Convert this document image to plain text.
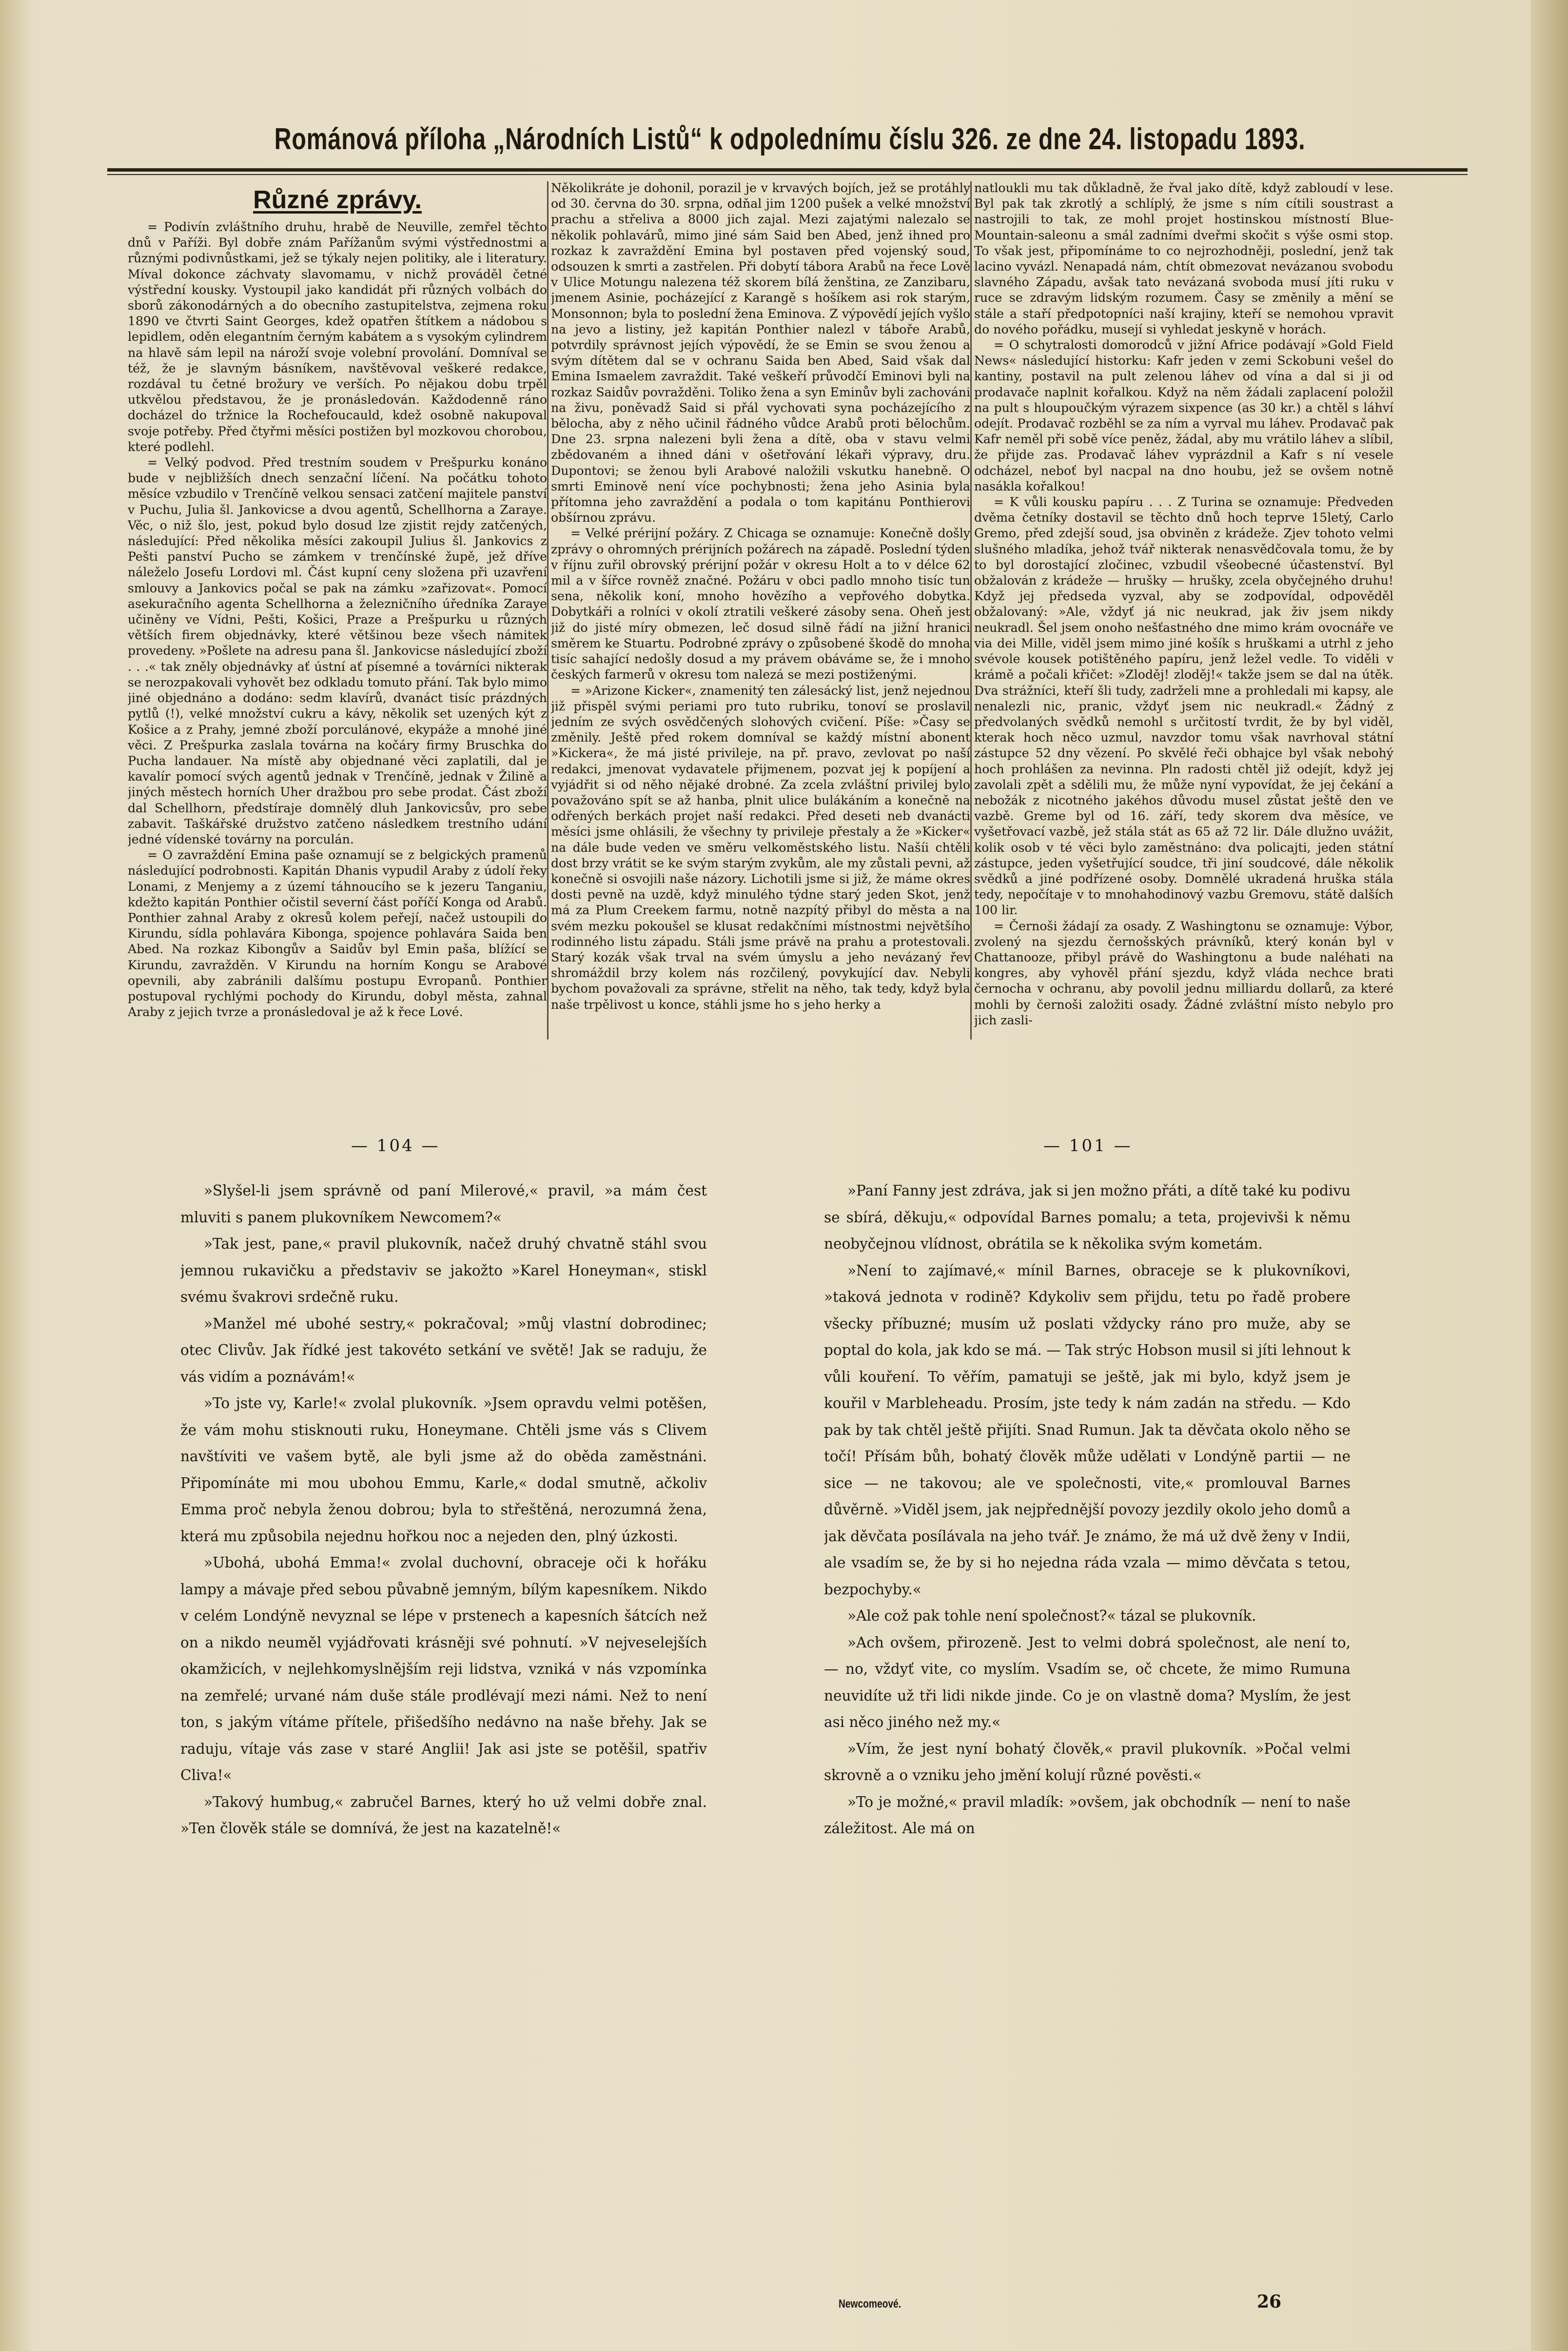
Románová příloha „Národních Listů“ k odpolednímu číslu 326. ze dne 24. listopadu 1893.
Různé zprávy.

= Podivín zvláštního druhu, hrabě de Neuville, zemřel těchto dnů v Paříži. Byl dobře znám Pařížanům svými výstřednostmi a různými podivnůstkami, jež se týkaly nejen politiky, ale i literatury. Míval dokonce záchvaty slavomamu, v nichž prováděl četné výstřední kousky. Vystoupil jako kandidát při různých volbách do sborů zákonodárných a do obecního zastupitelstva, zejmena roku 1890 ve čtvrti Saint Georges, kdež opatřen štítkem a nádobou s lepidlem, oděn elegantním černým kabátem a s vysokým cylindrem na hlavě sám lepil na nároží svoje volební provolání. Domníval se též, že je slavným básníkem, navštěvoval veškeré redakce, rozdával tu četné brožury ve verších. Po nějakou dobu trpěl utkvělou představou, že je pronásledován. Každodenně ráno docházel do tržnice la Rochefoucauld, kdež osobně nakupoval svoje potřeby. Před čtyřmi měsíci postižen byl mozkovou chorobou, které podlehl.

= Velký podvod. Před trestním soudem v Prešpurku konáno bude v nejbližších dnech senzační líčení. Na počátku tohoto měsíce vzbudilo v Trenčíně velkou sensaci zatčení majitele panství v Puchu, Julia šl. Jankovicse a dvou agentů, Schellhorna a Zaraye. Věc, o niž šlo, jest, pokud bylo dosud lze zjistit rejdy zatčených, následující: Před několika měsíci zakoupil Julius šl. Jankovics z Pešti panství Pucho se zámkem v trenčínské župě, jež dříve náleželo Josefu Lordovi ml. Část kupní ceny složena při uzavření smlouvy a Jankovics počal se pak na zámku »zařizovat«. Pomocí asekuračního agenta Schellhorna a železničního úředníka Zaraye učiněny ve Vídni, Pešti, Košici, Praze a Prešpurku u různých větších firem objednávky, které většinou beze všech námitek provedeny. »Pošlete na adresu pana šl. Jankovicse následující zboží . . .« tak zněly objednávky ať ústní ať písemné a továrníci nikterak se nerozpakovali vyhovět bez odkladu tomuto přání. Tak bylo mimo jiné objednáno a dodáno: sedm klavírů, dvanáct tisíc prázdných pytlů (!), velké množství cukru a kávy, několik set uzených kýt z Košice a z Prahy, jemné zboží porculánové, ekypáže a mnohé jiné věci. Z Prešpurka zaslala továrna na kočáry firmy Bruschka do Pucha landauer. Na místě aby objednané věci zaplatili, dal je kavalír pomocí svých agentů jednak v Trenčíně, jednak v Žilině a jiných městech horních Uher dražbou pro sebe prodat. Část zboží dal Schellhorn, předstíraje domnělý dluh Jankovicsův, pro sebe zabavit. Taškářské družstvo zatčeno následkem trestního udání jedné vídenské továrny na porculán.

= O zavraždění Emina paše oznamují se z belgických pramenů následující podrobnosti. Kapitán Dhanis vypudil Araby z údolí řeky Lonami, z Menjemy a z území táhnoucího se k jezeru Tanganiu, kdežto kapitán Ponthier očistil severní část poříčí Konga od Arabů. Ponthier zahnal Araby z okresů kolem peřejí, načež ustoupili do Kirundu, sídla pohlavára Kibonga, spojence pohlavára Saida ben Abed. Na rozkaz Kibongův a Saidův byl Emin paša, blížící se Kirundu, zavražděn. V Kirundu na horním Kongu se Arabové opevnili, aby zabránili dalšímu postupu Evropanů. Ponthier postupoval rychlými pochody do Kirundu, dobyl města, zahnal Araby z jejich tvrze a pronásledoval je až k řece Lové.

Několikráte je dohonil, porazil je v krvavých bojích, jež se protáhly od 30. června do 30. srpna, odňal jim 1200 pušek a velké množství prachu a střeliva a 8000 jich zajal. Mezi zajatými nalezalo se několik pohlavárů, mimo jiné sám Said ben Abed, jenž ihned pro rozkaz k zavraždění Emina byl postaven před vojenský soud, odsouzen k smrti a zastřelen. Při dobytí tábora Arabů na řece Lově v Ulice Motungu nalezena též skorem bílá ženština, ze Zanzibaru, jmenem Asinie, pocházející z Karangě s hošíkem asi rok starým, Monsonnon; byla to poslední žena Eminova. Z výpovědí jejích vyšlo na jevo a listiny, jež kapitán Ponthier nalezl v táboře Arabů, potvrdily správnost jejích výpovědí, že se Emin se svou ženou a svým dítětem dal se v ochranu Saida ben Abed, Said však dal Emina Ismaelem zavraždit. Také veškeří průvodčí Eminovi byli na rozkaz Saidův povražděni. Toliko žena a syn Eminův byli zachováni na živu, poněvadž Said si přál vychovati syna pocházejícího z bělocha, aby z něho učinil řádného vůdce Arabů proti bělochům. Dne 23. srpna nalezeni byli žena a dítě, oba v stavu velmi zbědovaném a ihned dáni v ošetřování lékaři výpravy, dru. Dupontovi; se ženou byli Arabové naložili vskutku hanebně. O smrti Eminově není více pochybnosti; žena jeho Asinia byla přítomna jeho zavraždění a podala o tom kapitánu Ponthierovi obšírnou zprávu.

= Velké prérijní požáry. Z Chicaga se oznamuje: Konečně došly zprávy o ohromných prérijních požárech na západě. Poslední týden v říjnu zuřil obrovský prérijní požár v okresu Holt a to v délce 62 mil a v šířce rovněž značné. Požáru v obci padlo mnoho tisíc tun sena, několik koní, mnoho hovězího a vepřového dobytka. Dobytkáři a rolníci v okolí ztratili veškeré zásoby sena. Oheň jest již do jisté míry obmezen, leč dosud silně řádí na jižní hranici směrem ke Stuartu. Podrobné zprávy o způsobené škodě do mnoha tisíc sahající nedošly dosud a my právem obáváme se, že i mnoho českých farmerů v okresu tom nalezá se mezi postiženými.

= »Arizone Kicker«, znamenitý ten zálesácký list, jenž nejednou již přispěl svými periami pro tuto rubriku, tonoví se proslavil jedním ze svých osvědčených slohových cvičení. Píše: »Časy se změnily. Ještě před rokem domníval se každý místní abonent »Kickera«, že má jisté privileje, na př. pravo, zevlovat po naší redakci, jmenovat vydavatele přijmenem, pozvat jej k popíjení a vyjádřit si od něho nějaké drobné. Za zcela zvláštní privilej bylo považováno spít se až hanba, plnit ulice bulákáním a konečně na odřených berkách projet naší redakci. Před deseti neb dvanácti měsíci jsme ohlásili, že všechny ty privileje přestaly a že »Kicker« na dále bude veden ve směru velkoměstského listu. Našíi chtěli dost brzy vrátit se ke svým starým zvykům, ale my zůstali pevni, až konečně si osvojili naše názory. Lichotili jsme si již, že máme okres dosti pevně na uzdě, když minulého týdne starý jeden Skot, jenž má za Plum Creekem farmu, notně nazpítý přibyl do města a na svém mezku pokoušel se klusat redakčními místnostmi největšího rodinného listu západu. Stáli jsme právě na prahu a protestovali. Starý kozák však trval na svém úmyslu a jeho nevázaný řev shromáždil brzy kolem nás rozčilený, povykující dav. Nebyli bychom považovali za správne, střelit na něho, tak tedy, když byla naše trpělivost u konce, stáhli jsme ho s jeho herky a

natloukli mu tak důkladně, že řval jako dítě, když zabloudí v lese. Byl pak tak zkrotlý a schlíplý, že jsme s ním cítili soustrast a nastrojili to tak, ze mohl projet hostinskou místností Blue-Mountain-saleonu a smál zadními dveřmi skočit s výše osmi stop. To však jest, připomínáme to co nejrozhodněji, poslední, jenž tak lacino vyvázl. Nenapadá nám, chtít obmezovat nevázanou svobodu slavného Západu, avšak tato nevázaná svoboda musí jíti ruku v ruce se zdravým lidským rozumem. Časy se změnily a mění se stále a staří předpotopníci naší krajiny, kteří se nemohou vpravit do nového pořádku, musejí si vyhledat jeskyně v horách.

= O schytralosti domorodců v jižní Africe podávají »Gold Field News« následující historku: Kafr jeden v zemi Sckobuni vešel do kantiny, postavil na pult zelenou láhev od vína a dal si ji od prodavače naplnit kořalkou. Když na něm žádali zaplacení položil na pult s hloupoučkým výrazem sixpence (as 30 kr.) a chtěl s láhví odejít. Prodavač rozběhl se za ním a vyrval mu láhev. Prodavač pak Kafr neměl při sobě více peněz, žádal, aby mu vrátilo láhev a slíbil, že přijde zas. Prodavač láhev vyprázdnil a Kafr s ní vesele odcházel, neboť byl nacpal na dno houbu, jež se ovšem notně nasákla kořalkou!

= K vůli kousku papíru . . . Z Turina se oznamuje: Předveden dvěma četníky dostavil se těchto dnů hoch teprve 15letý, Carlo Gremo, před zdejší soud, jsa obviněn z krádeže. Zjev tohoto velmi slušného mladíka, jehož tvář nikterak nenasvědčovala tomu, že by to byl dorostající zločinec, vzbudil všeobecné účastenství. Byl obžalován z krádeže — hrušky — hrušky, zcela obyčejného druhu! Když jej předseda vyzval, aby se zodpovídal, odpověděl obžalovaný: »Ale, vždyť já nic neukrad, jak živ jsem nikdy neukradl. Šel jsem onoho nešťastného dne mimo krám ovocnáře ve via dei Mille, viděl jsem mimo jiné košík s hruškami a utrhl z jeho svévole kousek potištěného papíru, jenž ležel vedle. To viděli v krámě a počali křičet: »Zloděj! zloděj!« takže jsem se dal na útěk. Dva strážníci, kteří šli tudy, zadrželi mne a prohledali mi kapsy, ale nenalezli nic, pranic, vždyť jsem nic neukradl.« Žádný z předvolaných svědků nemohl s určitostí tvrdit, že by byl viděl, kterak hoch něco uzmul, navzdor tomu však navrhoval státní zástupce 52 dny vězení. Po skvělé řeči obhajce byl však nebohý hoch prohlášen za nevinna. Pln radosti chtěl již odejít, když jej zavolali zpět a sdělili mu, že může nyní vypovídat, že jej čekání a nebožák z nicotného jakéhos důvodu musel zůstat ještě den ve vazbě. Greme byl od 16. září, tedy skorem dva měsíce, ve vyšetřovací vazbě, jež stála stát as 65 až 72 lir. Dále dlužno uvážit, kolik osob v té věci bylo zaměstnáno: dva policajti, jeden státní zástupce, jeden vyšetřující soudce, tři jiní soudcové, dále několik svědků a jiné podřízené osoby. Domnělé ukradená hruška stála tedy, nepočítaje v to mnohahodinový vazbu Gremovu, státě dalších 100 lir.

= Černoši žádají za osady. Z Washingtonu se oznamuje: Výbor, zvolený na sjezdu černošských právníků, který konán byl v Chattanooze, přibyl právě do Washingtonu a bude naléhati na kongres, aby vyhověl přání sjezdu, když vláda nechce brati černocha v ochranu, aby povolil jednu milliardu dollarů, za které mohli by černoši založiti osady. Žádné zvláštní místo nebylo pro jich zasli-

— 104 —	— 101 —

»Slyšel-li jsem správně od paní Milerové,« pravil, »a mám čest mluviti s panem plukovníkem Newcomem?«

»Tak jest, pane,« pravil plukovník, načež druhý chvatně stáhl svou jemnou rukavičku a představiv se jakožto »Karel Honeyman«, stiskl svému švakrovi srdečně ruku.

»Manžel mé ubohé sestry,« pokračoval; »můj vlastní dobrodinec; otec Clivův. Jak řídké jest takovéto setkání ve světě! Jak se raduju, že vás vidím a poznávám!«

»To jste vy, Karle!« zvolal plukovník. »Jsem opravdu velmi potěšen, že vám mohu stisknouti ruku, Honeymane. Chtěli jsme vás s Clivem navštíviti ve vašem bytě, ale byli jsme až do oběda zaměstnáni. Připomínáte mi mou ubohou Emmu, Karle,« dodal smutně, ačkoliv Emma proč nebyla ženou dobrou; byla to střeštěná, nerozumná žena, která mu způsobila nejednu hořkou noc a nejeden den, plný úzkosti.

»Ubohá, ubohá Emma!« zvolal duchovní, obraceje oči k hořáku lampy a mávaje před sebou půvabně jemným, bílým kapesníkem. Nikdo v celém Londýně nevyznal se lépe v prstenech a kapesních šátcích než on a nikdo neuměl vyjádřovati krásněji své pohnutí. »V nejveselejších okamžicích, v nejlehkomyslnějším reji lidstva, vzniká v nás vzpomínka na zemřelé; urvané nám duše stále prodlévají mezi námi. Než to není ton, s jakým vítáme přítele, přišedšího nedávno na naše břehy. Jak se raduju, vítaje vás zase v staré Anglii! Jak asi jste se potěšil, spatřiv Cliva!«

»Takový humbug,« zabručel Barnes, který ho už velmi dobře znal. »Ten člověk stále se domnívá, že jest na kazatelně!«

»Paní Fanny jest zdráva, jak si jen možno přáti, a dítě také ku podivu se sbírá, děkuju,« odpovídal Barnes pomalu; a teta, projevivši k němu neobyčejnou vlídnost, obrátila se k několika svým kometám.

»Není to zajímavé,« mínil Barnes, obraceje se k plukovníkovi, »taková jednota v rodině? Kdykoliv sem přijdu, tetu po řadě probere všecky příbuzné; musím už poslati vždycky ráno pro muže, aby se poptal do kola, jak kdo se má. — Tak strýc Hobson musil si jíti lehnout k vůli kouření. To věřím, pamatuji se ještě, jak mi bylo, když jsem je kouřil v Marbleheadu. Prosím, jste tedy k nám zadán na středu. — Kdo pak by tak chtěl ještě přijíti. Snad Rumun. Jak ta děvčata okolo něho se točí! Přísám bůh, bohatý člověk může udělati v Londýně partii — ne sice — ne takovou; ale ve společnosti, vite,« promlouval Barnes důvěrně. »Viděl jsem, jak nejpřednější povozy jezdily okolo jeho domů a jak děvčata posílávala na jeho tvář. Je známo, že má už dvě ženy v Indii, ale vsadím se, že by si ho nejedna ráda vzala — mimo děvčata s tetou, bezpochyby.«

»Ale což pak tohle není společnost?« tázal se plukovník.

»Ach ovšem, přirozeně. Jest to velmi dobrá společnost, ale není to, — no, vždyť vite, co myslím. Vsadím se, oč chcete, že mimo Rumuna neuvidíte už tři lidi nikde jinde. Co je on vlastně doma? Myslím, že jest asi něco jiného než my.«

»Vím, že jest nyní bohatý člověk,« pravil plukovník. »Počal velmi skrovně a o vzniku jeho jmění kolují různé pověsti.«

»To je možné,« pravil mladík: »ovšem, jak obchodník — není to naše záležitost. Ale má on

Newcomeové.	26
